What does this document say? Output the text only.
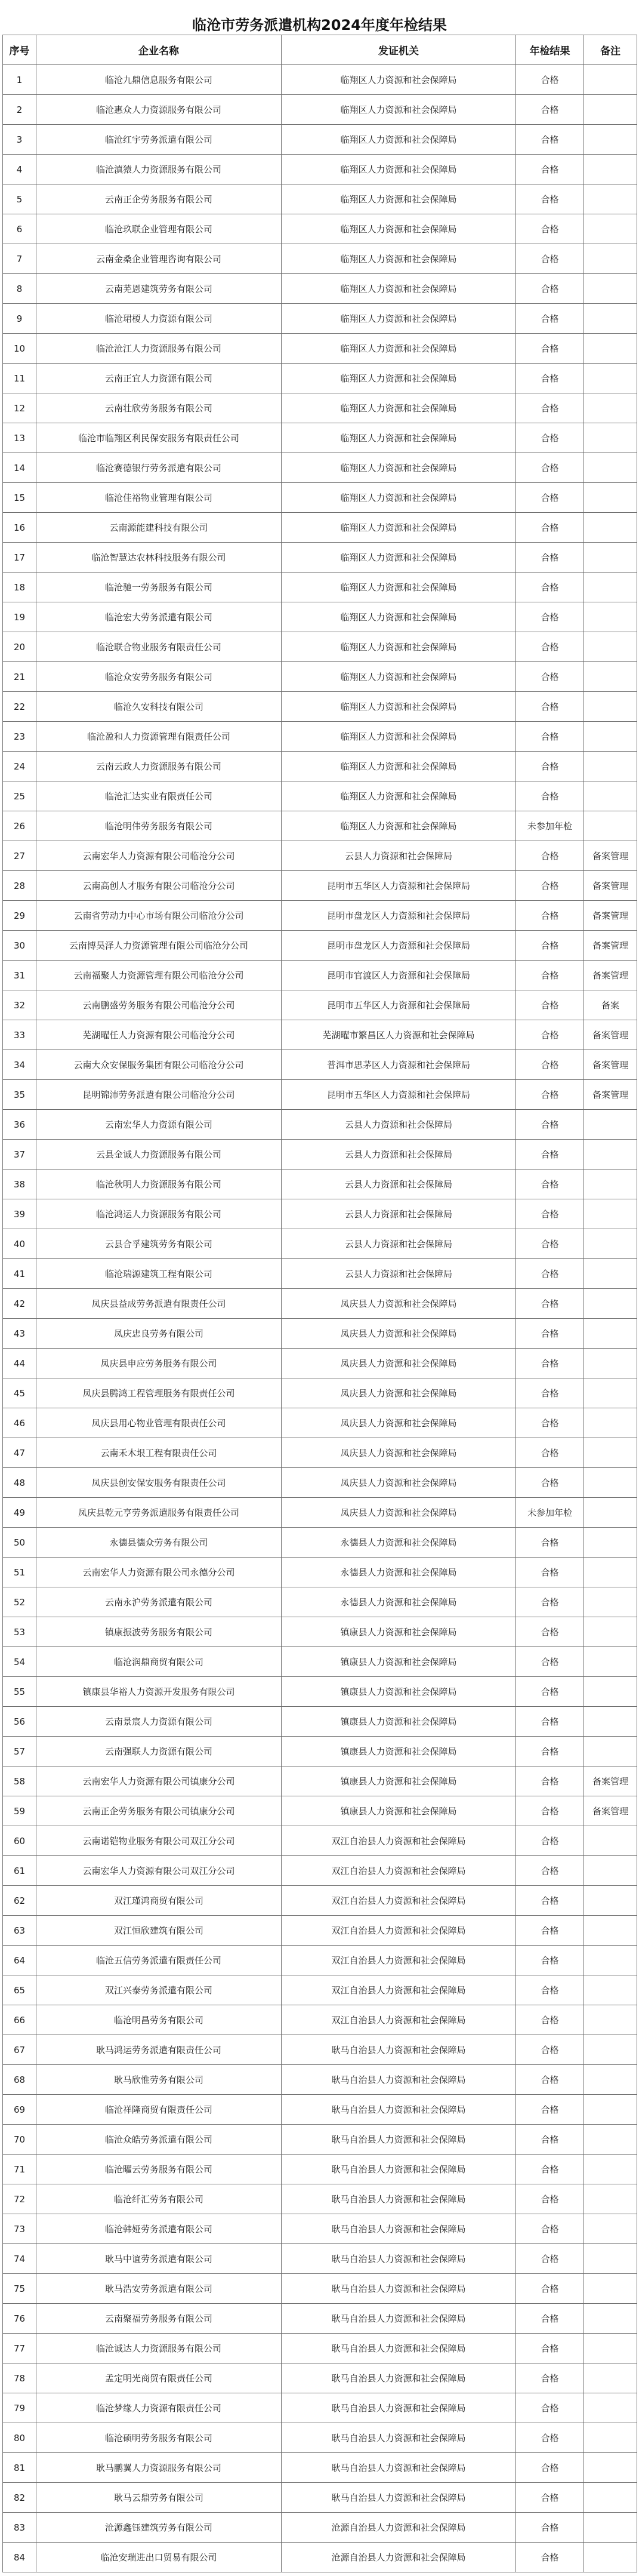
临沧市劳务派遣机构2024年度年检结果
序号	企业名称	发证机关	年检结果	备注
1	临沧九鼎信息服务有限公司	临翔区人力资源和社会保障局	合格	
2	临沧惠众人力资源服务有限公司	临翔区人力资源和社会保障局	合格	
3	临沧红宇劳务派遣有限公司	临翔区人力资源和社会保障局	合格	
4	临沧滇猿人力资源服务有限公司	临翔区人力资源和社会保障局	合格	
5	云南正企劳务服务有限公司	临翔区人力资源和社会保障局	合格	
6	临沧玖联企业管理有限公司	临翔区人力资源和社会保障局	合格	
7	云南金桑企业管理咨询有限公司	临翔区人力资源和社会保障局	合格	
8	云南芜恩建筑劳务有限公司	临翔区人力资源和社会保障局	合格	
9	临沧珺榎人力资源有限公司	临翔区人力资源和社会保障局	合格	
10	临沧沧江人力资源服务有限公司	临翔区人力资源和社会保障局	合格	
11	云南正宜人力资源有限公司	临翔区人力资源和社会保障局	合格	
12	云南壮欣劳务服务有限公司	临翔区人力资源和社会保障局	合格	
13	临沧市临翔区利民保安服务有限责任公司	临翔区人力资源和社会保障局	合格	
14	临沧赛德银行劳务派遣有限公司	临翔区人力资源和社会保障局	合格	
15	临沧佳裕物业管理有限公司	临翔区人力资源和社会保障局	合格	
16	云南源能建科技有限公司	临翔区人力资源和社会保障局	合格	
17	临沧智慧达农林科技服务有限公司	临翔区人力资源和社会保障局	合格	
18	临沧驰一劳务服务有限公司	临翔区人力资源和社会保障局	合格	
19	临沧宏大劳务派遣有限公司	临翔区人力资源和社会保障局	合格	
20	临沧联合物业服务有限责任公司	临翔区人力资源和社会保障局	合格	
21	临沧众安劳务服务有限公司	临翔区人力资源和社会保障局	合格	
22	临沧久安科技有限公司	临翔区人力资源和社会保障局	合格	
23	临沧盈和人力资源管理有限责任公司	临翔区人力资源和社会保障局	合格	
24	云南云政人力资源服务有限公司	临翔区人力资源和社会保障局	合格	
25	临沧汇达实业有限责任公司	临翔区人力资源和社会保障局	合格	
26	临沧明伟劳务服务有限公司	临翔区人力资源和社会保障局	未参加年检	
27	云南宏华人力资源有限公司临沧分公司	云县人力资源和社会保障局	合格	备案管理
28	云南高创人才服务有限公司临沧分公司	昆明市五华区人力资源和社会保障局	合格	备案管理
29	云南省劳动力中心市场有限公司临沧分公司	昆明市盘龙区人力资源和社会保障局	合格	备案管理
30	云南博昊泽人力资源管理有限公司临沧分公司	昆明市盘龙区人力资源和社会保障局	合格	备案管理
31	云南福聚人力资源管理有限公司临沧分公司	昆明市官渡区人力资源和社会保障局	合格	备案管理
32	云南鹏盛劳务服务有限公司临沧分公司	昆明市五华区人力资源和社会保障局	合格	备案
33	芜湖曜任人力资源有限公司临沧分公司	芜湖曜市繁昌区人力资源和社会保障局	合格	备案管理
34	云南大众安保服务集团有限公司临沧分公司	普洱市思茅区人力资源和社会保障局	合格	备案管理
35	昆明锦沛劳务派遣有限公司临沧分公司	昆明市五华区人力资源和社会保障局	合格	备案管理
36	云南宏华人力资源有限公司	云县人力资源和社会保障局	合格	
37	云县金诚人力资源服务有限公司	云县人力资源和社会保障局	合格	
38	临沧秋明人力资源服务有限公司	云县人力资源和社会保障局	合格	
39	临沧鸿运人力资源服务有限公司	云县人力资源和社会保障局	合格	
40	云县合孚建筑劳务有限公司	云县人力资源和社会保障局	合格	
41	临沧瑞源建筑工程有限公司	云县人力资源和社会保障局	合格	
42	凤庆县益成劳务派遣有限责任公司	凤庆县人力资源和社会保障局	合格	
43	凤庆忠良劳务有限公司	凤庆县人力资源和社会保障局	合格	
44	凤庆县申应劳务服务有限公司	凤庆县人力资源和社会保障局	合格	
45	凤庆县腾鸿工程管理服务有限责任公司	凤庆县人力资源和社会保障局	合格	
46	凤庆县用心物业管理有限责任公司	凤庆县人力资源和社会保障局	合格	
47	云南禾木垠工程有限责任公司	凤庆县人力资源和社会保障局	合格	
48	凤庆县创安保安服务有限责任公司	凤庆县人力资源和社会保障局	合格	
49	凤庆县乾元亨劳务派遣服务有限责任公司	凤庆县人力资源和社会保障局	未参加年检	
50	永德县德众劳务有限公司	永德县人力资源和社会保障局	合格	
51	云南宏华人力资源有限公司永德分公司	永德县人力资源和社会保障局	合格	
52	云南永沪劳务派遣有限公司	永德县人力资源和社会保障局	合格	
53	镇康振波劳务服务有限公司	镇康县人力资源和社会保障局	合格	
54	临沧润鼎商贸有限公司	镇康县人力资源和社会保障局	合格	
55	镇康县华裕人力资源开发服务有限公司	镇康县人力资源和社会保障局	合格	
56	云南景宸人力资源有限公司	镇康县人力资源和社会保障局	合格	
57	云南强联人力资源有限公司	镇康县人力资源和社会保障局	合格	
58	云南宏华人力资源有限公司镇康分公司	镇康县人力资源和社会保障局	合格	备案管理
59	云南正企劳务服务有限公司镇康分公司	镇康县人力资源和社会保障局	合格	备案管理
60	云南诺铠物业服务有限公司双江分公司	双江自治县人力资源和社会保障局	合格	
61	云南宏华人力资源有限公司双江分公司	双江自治县人力资源和社会保障局	合格	
62	双江瑾鸿商贸有限公司	双江自治县人力资源和社会保障局	合格	
63	双江恒欣建筑有限公司	双江自治县人力资源和社会保障局	合格	
64	临沧五信劳务派遣有限责任公司	双江自治县人力资源和社会保障局	合格	
65	双江兴泰劳务派遣有限公司	双江自治县人力资源和社会保障局	合格	
66	临沧明昌劳务有限公司	双江自治县人力资源和社会保障局	合格	
67	耿马鸿运劳务派遣有限责任公司	耿马自治县人力资源和社会保障局	合格	
68	耿马欣惟劳务有限公司	耿马自治县人力资源和社会保障局	合格	
69	临沧祥隆商贸有限责任公司	耿马自治县人力资源和社会保障局	合格	
70	临沧众皓劳务派遣有限公司	耿马自治县人力资源和社会保障局	合格	
71	临沧曜云劳务服务有限公司	耿马自治县人力资源和社会保障局	合格	
72	临沧纤汇劳务有限公司	耿马自治县人力资源和社会保障局	合格	
73	临沧韩娅劳务派遣有限公司	耿马自治县人力资源和社会保障局	合格	
74	耿马中谊劳务派遣有限公司	耿马自治县人力资源和社会保障局	合格	
75	耿马浩安劳务派遣有限公司	耿马自治县人力资源和社会保障局	合格	
76	云南聚福劳务服务有限公司	耿马自治县人力资源和社会保障局	合格	
77	临沧诚达人力资源服务有限公司	耿马自治县人力资源和社会保障局	合格	
78	孟定明光商贸有限责任公司	耿马自治县人力资源和社会保障局	合格	
79	临沧梦缘人力资源有限责任公司	耿马自治县人力资源和社会保障局	合格	
80	临沧硕明劳务服务有限公司	耿马自治县人力资源和社会保障局	合格	
81	耿马鹏翼人力资源服务有限公司	耿马自治县人力资源和社会保障局	合格	
82	耿马云鼎劳务有限公司	耿马自治县人力资源和社会保障局	合格	
83	沧源鑫钰建筑劳务有限公司	沧源自治县人力资源和社会保障局	合格	
84	临沧安瑞进出口贸易有限公司	沧源自治县人力资源和社会保障局	合格	
